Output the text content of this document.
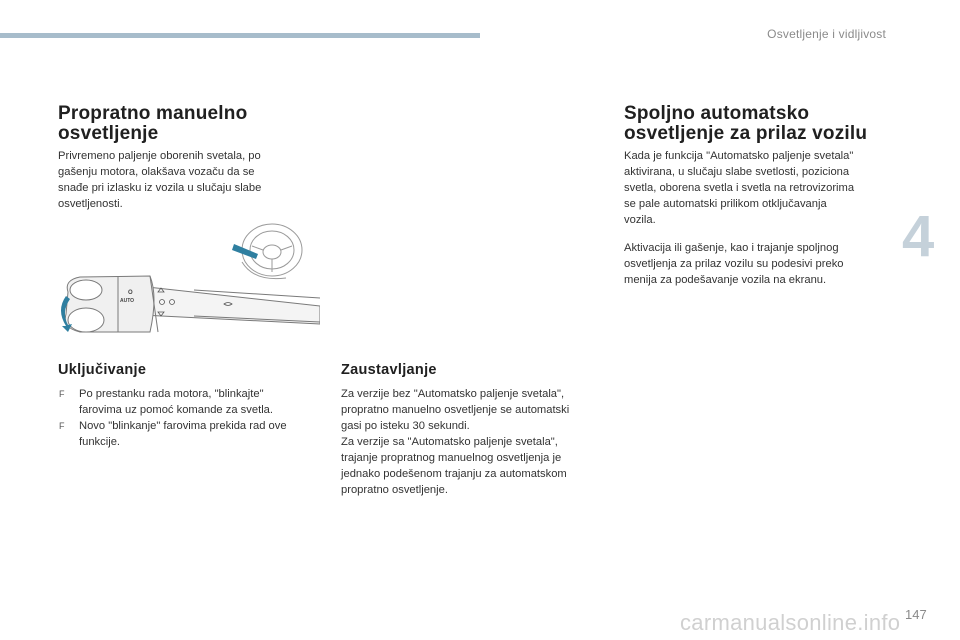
Osvetljenje i vidljivost
4
Propratno manuelno
osvetljenje

Privremeno paljenje oborenih svetala, po
gašenju motora, olakšava vozaču da se
snađe pri izlasku iz vozila u slučaju slabe
osvetljenosti.

O
AUTO
Uključivanje
F Po prestanku rada motora, "blinkajte"
farovima uz pomoć komande za svetla.
F Novo "blinkanje" farovima prekida rad ove
funkcije.
Zaustavljanje

Za verzije bez "Automatsko paljenje svetala",
propratno manuelno osvetljenje se automatski
gasi po isteku 30 sekundi.
Za verzije sa "Automatsko paljenje svetala",
trajanje propratnog manuelnog osvetljenja je
jednako podešenom trajanju za automatskom
propratno osvetljenje.

Spoljno automatsko
osvetljenje za prilaz vozilu

Kada je funkcija "Automatsko paljenje svetala"
aktivirana, u slučaju slabe svetlosti, poziciona
svetla, oborena svetla i svetla na retrovizorima
se pale automatski prilikom otključavanja
vozila.

Aktivacija ili gašenje, kao i trajanje spoljnog
osvetljenja za prilaz vozilu su podesivi preko
menija za podešavanje vozila na ekranu.

carmanualsonline.info 147
